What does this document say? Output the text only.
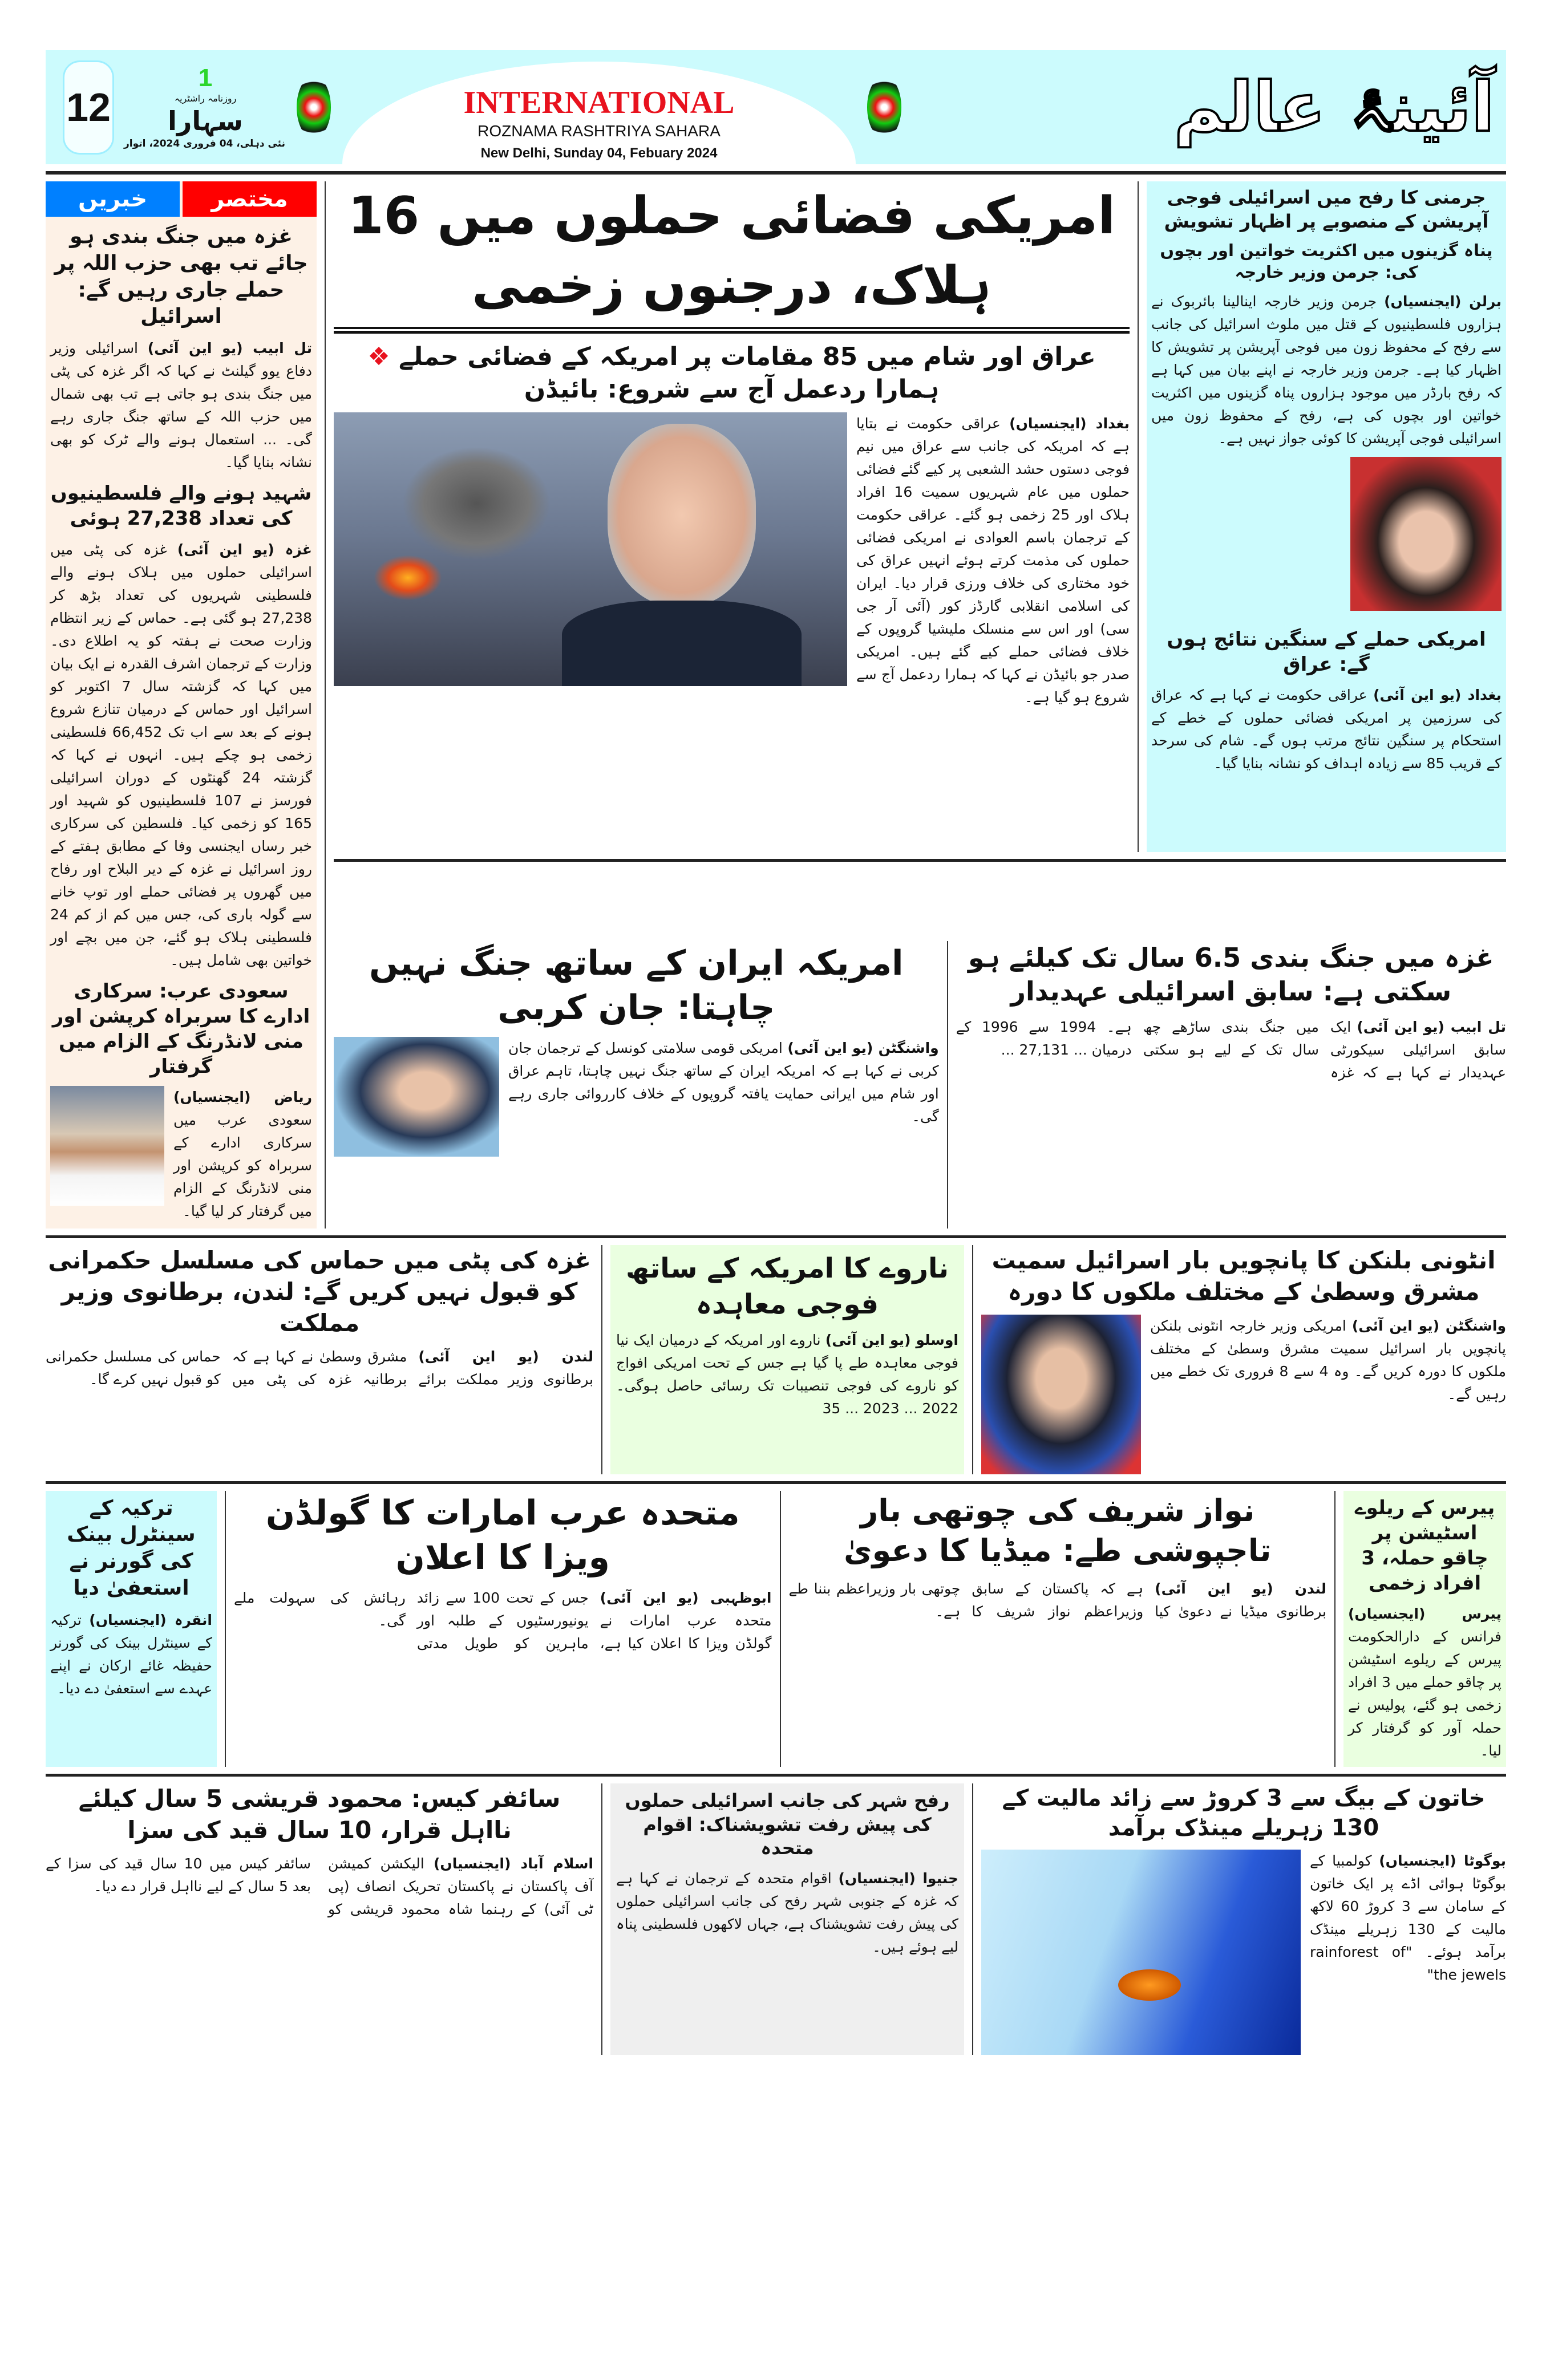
12
1
روزنامہ راشٹریہ
سہارا
نئی دہلی، 04 فروری 2024، اتوار
INTERNATIONAL
ROZNAMA RASHTRIYA SAHARA
New Delhi, Sunday 04, Febuary 2024
آئینۂ عالم
خبریں	مختصر
غزہ میں جنگ بندی ہو جائے تب بھی حزب اللہ پر حملے جاری رہیں گے: اسرائیل
تل ابیب (یو این آئی) اسرائیلی وزیر دفاع یوو گیلنٹ نے کہا کہ اگر غزہ کی پٹی میں جنگ بندی ہو جاتی ہے تب بھی شمال میں حزب اللہ کے ساتھ جنگ جاری رہے گی۔ ... استعمال ہونے والے ٹرک کو بھی نشانہ بنایا گیا۔
شہید ہونے والے فلسطینیوں کی تعداد 27,238 ہوئی
غزہ (یو این آئی) غزہ کی پٹی میں اسرائیلی حملوں میں ہلاک ہونے والے فلسطینی شہریوں کی تعداد بڑھ کر 27,238 ہو گئی ہے۔ حماس کے زیر انتظام وزارت صحت نے ہفتہ کو یہ اطلاع دی۔ وزارت کے ترجمان اشرف القدرہ نے ایک بیان میں کہا کہ گزشتہ سال 7 اکتوبر کو اسرائیل اور حماس کے درمیان تنازع شروع ہونے کے بعد سے اب تک 66,452 فلسطینی زخمی ہو چکے ہیں۔ انہوں نے کہا کہ گزشتہ 24 گھنٹوں کے دوران اسرائیلی فورسز نے 107 فلسطینیوں کو شہید اور 165 کو زخمی کیا۔ فلسطین کی سرکاری خبر رساں ایجنسی وفا کے مطابق ہفتے کے روز اسرائیل نے غزہ کے دیر البلاح اور رفاح میں گھروں پر فضائی حملے اور توپ خانے سے گولہ باری کی، جس میں کم از کم 24 فلسطینی ہلاک ہو گئے، جن میں بچے اور خواتین بھی شامل ہیں۔
سعودی عرب: سرکاری ادارے کا سربراہ کرپشن اور منی لانڈرنگ کے الزام میں گرفتار
ریاض (ایجنسیاں) سعودی عرب میں سرکاری ادارے کے سربراہ کو کرپشن اور منی لانڈرنگ کے الزام میں گرفتار کر لیا گیا۔
امریکی فضائی حملوں میں 16 ہلاک، درجنوں زخمی
عراق اور شام میں 85 مقامات پر امریکہ کے فضائی حملے ❖ ہمارا ردعمل آج سے شروع: بائیڈن
بغداد (ایجنسیاں) عراقی حکومت نے بتایا ہے کہ امریکہ کی جانب سے عراق میں نیم فوجی دستوں حشد الشعبی پر کیے گئے فضائی حملوں میں عام شہریوں سمیت 16 افراد ہلاک اور 25 زخمی ہو گئے۔ عراقی حکومت کے ترجمان باسم العوادی نے امریکی فضائی حملوں کی مذمت کرتے ہوئے انہیں عراق کی خود مختاری کی خلاف ورزی قرار دیا۔ ایران کی اسلامی انقلابی گارڈز کور (آئی آر جی سی) اور اس سے منسلک ملیشیا گروپوں کے خلاف فضائی حملے کیے گئے ہیں۔ امریکی صدر جو بائیڈن نے کہا کہ ہمارا ردعمل آج سے شروع ہو گیا ہے۔
جرمنی کا رفح میں اسرائیلی فوجی آپریشن کے منصوبے پر اظہار تشویش
پناہ گزینوں میں اکثریت خواتین اور بچوں کی: جرمن وزیر خارجہ
برلن (ایجنسیاں) جرمن وزیر خارجہ اینالینا بائربوک نے ہزاروں فلسطینیوں کے قتل میں ملوث اسرائیل کی جانب سے رفح کے محفوظ زون میں فوجی آپریشن پر تشویش کا اظہار کیا ہے۔ جرمن وزیر خارجہ نے اپنے بیان میں کہا ہے کہ رفح بارڈر میں موجود ہزاروں پناہ گزینوں میں اکثریت خواتین اور بچوں کی ہے، رفح کے محفوظ زون میں اسرائیلی فوجی آپریشن کا کوئی جواز نہیں ہے۔
امریکی حملے کے سنگین نتائج ہوں گے: عراق
بغداد (یو این آئی) عراقی حکومت نے کہا ہے کہ عراق کی سرزمین پر امریکی فضائی حملوں کے خطے کے استحکام پر سنگین نتائج مرتب ہوں گے۔ شام کی سرحد کے قریب 85 سے زیادہ اہداف کو نشانہ بنایا گیا۔
امریکہ ایران کے ساتھ جنگ نہیں چاہتا: جان کربی
واشنگٹن (یو این آئی) امریکی قومی سلامتی کونسل کے ترجمان جان کربی نے کہا ہے کہ امریکہ ایران کے ساتھ جنگ نہیں چاہتا، تاہم عراق اور شام میں ایرانی حمایت یافتہ گروپوں کے خلاف کارروائی جاری رہے گی۔
غزہ میں جنگ بندی 6.5 سال تک کیلئے ہو سکتی ہے: سابق اسرائیلی عہدیدار
تل ابیب (یو این آئی) ایک سابق اسرائیلی سیکورٹی عہدیدار نے کہا ہے کہ غزہ میں جنگ بندی ساڑھے چھ سال تک کے لیے ہو سکتی ہے۔ 1994 سے 1996 کے درمیان ... 27,131 ...
غزہ کی پٹی میں حماس کی مسلسل حکمرانی کو قبول نہیں کریں گے: لندن، برطانوی وزیر مملکت
لندن (یو این آئی) برطانوی وزیر مملکت برائے مشرق وسطیٰ نے کہا ہے کہ برطانیہ غزہ کی پٹی میں حماس کی مسلسل حکمرانی کو قبول نہیں کرے گا۔
ناروے کا امریکہ کے ساتھ فوجی معاہدہ
اوسلو (یو این آئی) ناروے اور امریکہ کے درمیان ایک نیا فوجی معاہدہ طے پا گیا ہے جس کے تحت امریکی افواج کو ناروے کی فوجی تنصیبات تک رسائی حاصل ہوگی۔ 2022 ... 2023 ... 35
انٹونی بلنکن کا پانچویں بار اسرائیل سمیت مشرق وسطیٰ کے مختلف ملکوں کا دورہ
واشنگٹن (یو این آئی) امریکی وزیر خارجہ انٹونی بلنکن پانچویں بار اسرائیل سمیت مشرق وسطیٰ کے مختلف ملکوں کا دورہ کریں گے۔ وہ 4 سے 8 فروری تک خطے میں رہیں گے۔
ترکیہ کے سینٹرل بینک کی گورنر نے استعفیٰ دیا
انقرہ (ایجنسیاں) ترکیہ کے سینٹرل بینک کی گورنر حفیظہ غائے ارکان نے اپنے عہدے سے استعفیٰ دے دیا۔
متحدہ عرب امارات کا گولڈن ویزا کا اعلان
ابوظہبی (یو این آئی) متحدہ عرب امارات نے گولڈن ویزا کا اعلان کیا ہے، جس کے تحت 100 سے زائد یونیورسٹیوں کے طلبہ اور ماہرین کو طویل مدتی رہائش کی سہولت ملے گی۔
نواز شریف کی چوتھی بار تاجپوشی طے: میڈیا کا دعویٰ
لندن (یو این آئی) برطانوی میڈیا نے دعویٰ کیا ہے کہ پاکستان کے سابق وزیراعظم نواز شریف کا چوتھی بار وزیراعظم بننا طے ہے۔
پیرس کے ریلوے اسٹیشن پر چاقو حملہ، 3 افراد زخمی
پیرس (ایجنسیاں) فرانس کے دارالحکومت پیرس کے ریلوے اسٹیشن پر چاقو حملے میں 3 افراد زخمی ہو گئے، پولیس نے حملہ آور کو گرفتار کر لیا۔
سائفر کیس: محمود قریشی 5 سال کیلئے نااہل قرار، 10 سال قید کی سزا
اسلام آباد (ایجنسیاں) الیکشن کمیشن آف پاکستان نے پاکستان تحریک انصاف (پی ٹی آئی) کے رہنما شاہ محمود قریشی کو سائفر کیس میں 10 سال قید کی سزا کے بعد 5 سال کے لیے نااہل قرار دے دیا۔
رفح شہر کی جانب اسرائیلی حملوں کی پیش رفت تشویشناک: اقوام متحدہ
جنیوا (ایجنسیاں) اقوام متحدہ کے ترجمان نے کہا ہے کہ غزہ کے جنوبی شہر رفح کی جانب اسرائیلی حملوں کی پیش رفت تشویشناک ہے، جہاں لاکھوں فلسطینی پناہ لیے ہوئے ہیں۔
خاتون کے بیگ سے 3 کروڑ سے زائد مالیت کے 130 زہریلے مینڈک برآمد
بوگوٹا (ایجنسیاں) کولمبیا کے بوگوٹا ہوائی اڈے پر ایک خاتون کے سامان سے 3 کروڑ 60 لاکھ مالیت کے 130 زہریلے مینڈک برآمد ہوئے۔ "rainforest of the jewels"
